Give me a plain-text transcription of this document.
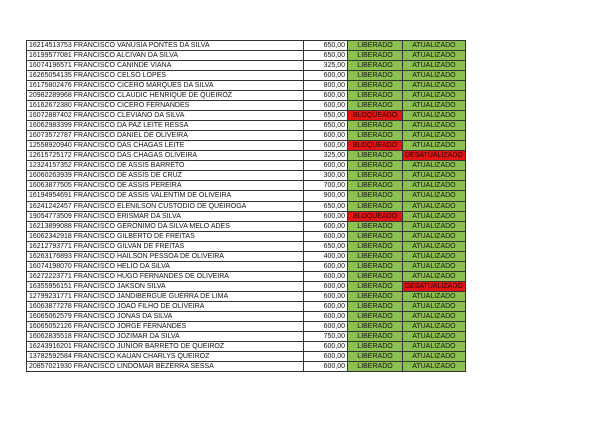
16214513753 FRANCISCO VANUSIA PONTES DA SILVA	650,00	LIBERADO	ATUALIZADO
16199577081 FRANCISCO ALCIVAN DA SILVA	650,00	LIBERADO	ATUALIZADO
16074196571 FRANCISCO CANINDE VIANA	325,00	LIBERADO	ATUALIZADO
16265054135 FRANCISCO CELSO LOPES	600,00	LIBERADO	ATUALIZADO
16175802476 FRANCISCO CICERO MARQUES DA SILVA	800,00	LIBERADO	ATUALIZADO
20982289968 FRANCISCO CLAUDIC HENRIQUE DE QUEIROZ	600,00	LIBERADO	ATUALIZADO
16162672380 FRANCISCO CICERO FERNANDES	600,00	LIBERADO	ATUALIZADO
16072887402 FRANCISCO CLEVIANO DA SILVA	650,00	BLOQUEADO	ATUALIZADO
16062983399 FRANCISCO DA PAZ LEITE RESSA	650,00	LIBERADO	ATUALIZADO
16073572787 FRANCISCO DANIEL DE OLIVEIRA	600,00	LIBERADO	ATUALIZADO
12558920940 FRANCISCO DAS CHAGAS LEITE	600,00	BLOQUEADO	ATUALIZADO
12615725172 FRANCISCO DAS CHAGAS OLIVEIRA	325,00	LIBERADO	DESATUALIZADO
12324157352 FRANCISCO DE ASSIS BARRETO	600,00	LIBERADO	ATUALIZADO
16060263939 FRANCISCO DE ASSIS DE CRUZ	300,00	LIBERADO	ATUALIZADO
16063877505 FRANCISCO DE ASSIS PEREIRA	700,00	LIBERADO	ATUALIZADO
16194954691 FRANCISCO DE ASSIS VALENTIM DE OLIVEIRA	900,00	LIBERADO	ATUALIZADO
16241242457 FRANCISCO ELENILSON CUSTODIO DE QUEIROGA	650,00	LIBERADO	ATUALIZADO
19054773509 FRANCISCO ERISMAR DA SILVA	600,00	BLOQUEADO	ATUALIZADO
16213899088 FRANCISCO GERONIMO DA SILVA MELO ADES	600,00	LIBERADO	ATUALIZADO
16062342918 FRANCISCO GILBERTO DE FREITAS	600,00	LIBERADO	ATUALIZADO
16212793771 FRANCISCO GILVAN DE FREITAS	650,00	LIBERADO	ATUALIZADO
16263176893 FRANCISCO HAILSON PESSOA DE OLIVEIRA	400,00	LIBERADO	ATUALIZADO
16074198070 FRANCISCO HELIO DA SILVA	600,00	LIBERADO	ATUALIZADO
16272223771 FRANCISCO HUGO FERNANDES DE OLIVEIRA	600,00	LIBERADO	ATUALIZADO
16355956151 FRANCISCO JAKSON SILVA	600,00	LIBERADO	DESATUALIZADO
12799231771 FRANCISCO JANDIBERGUE GUERRA DE LIMA	600,00	LIBERADO	ATUALIZADO
16063877278 FRANCISCO JOAO FILHO DE OLIVEIRA	600,00	LIBERADO	ATUALIZADO
16065062579 FRANCISCO JONAS DA SILVA	600,00	LIBERADO	ATUALIZADO
16065052126 FRANCISCO JORGE FERNANDES	600,00	LIBERADO	ATUALIZADO
16062835518 FRANCISCO JOZIMAR DA SILVA	750,00	LIBERADO	ATUALIZADO
16243916201 FRANCISCO JUNIOR BARRETO DE QUEIROZ	600,00	LIBERADO	ATUALIZADO
13782592584 FRANCISCO KAUAN CHARLYS QUEIROZ	600,00	LIBERADO	ATUALIZADO
20857021930 FRANCISCO LINDOMAR BEZERRA SESSA	600,00	LIBERADO	ATUALIZADO
